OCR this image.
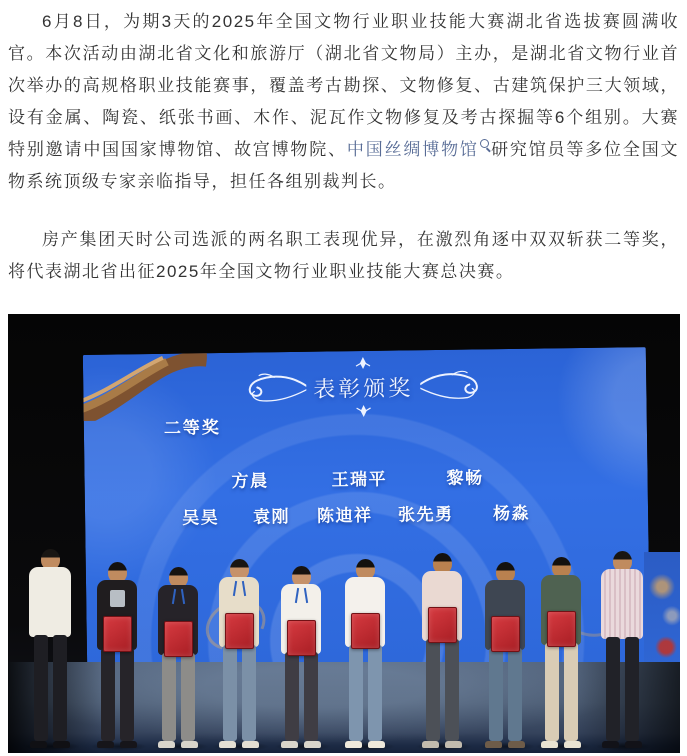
6月8日，为期3天的2025年全国文物行业职业技能大赛湖北省选拔赛圆满收官。本次活动由湖北省文化和旅游厅（湖北省文物局）主办，是湖北省文物行业首次举办的高规格职业技能赛事，覆盖考古勘探、文物修复、古建筑保护三大领域，设有金属、陶瓷、纸张书画、木作、泥瓦作文物修复及考古探掘等6个组别。大赛特别邀请中国国家博物馆、故宫博物院、中国丝绸博物馆 研究馆员等多位全国文物系统顶级专家亲临指导，担任各组别裁判长。

房产集团天时公司选派的两名职工表现优异，在激烈角逐中双双斩获二等奖，将代表湖北省出征2025年全国文物行业职业技能大赛总决赛。

表彰颁奖
二等奖
方晨	王瑞平	黎畅
吴昊 袁刚 陈迪祥 张先勇 杨淼
